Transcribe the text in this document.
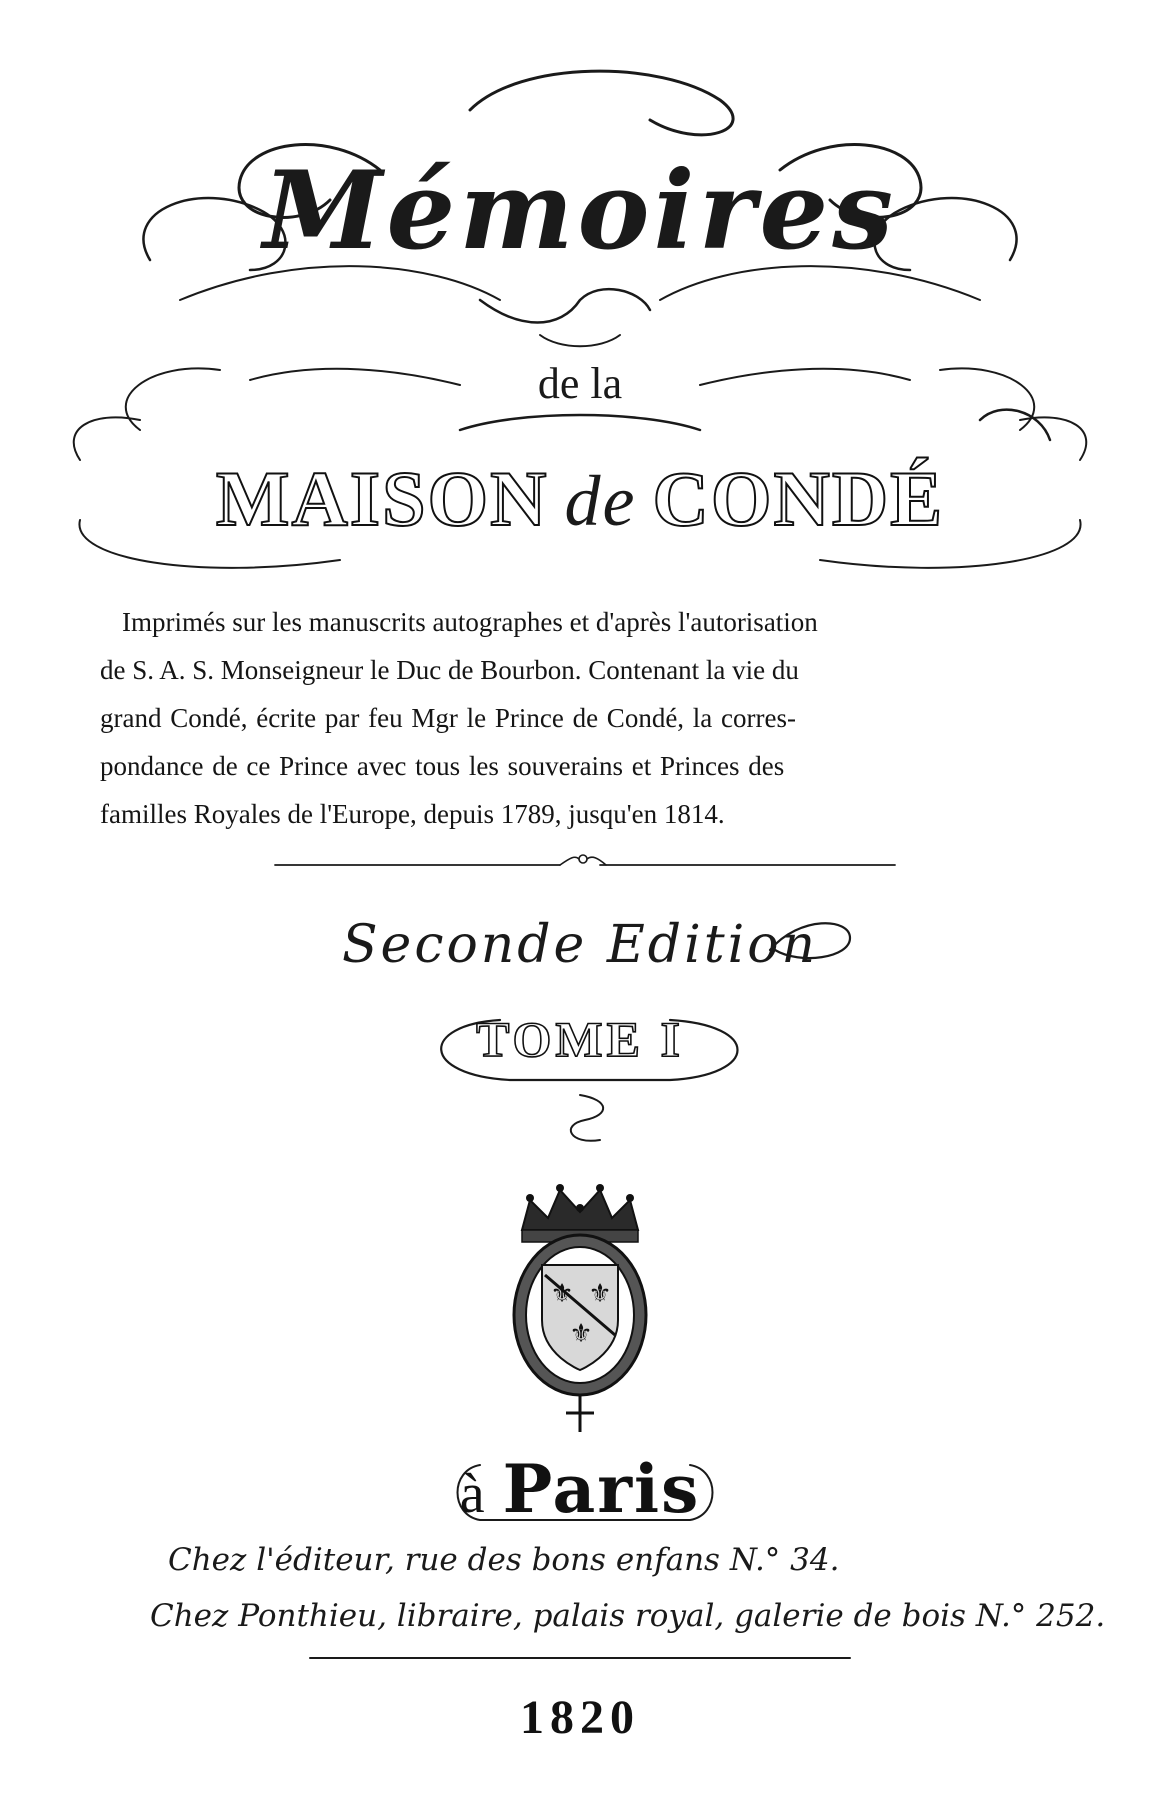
⚜ ⚜
⚜
Mémoires
de la
MAISON de CONDÉ
Imprimés sur les manuscrits autographes et d'après l'autorisation
de S. A. S. Monseigneur le Duc de Bourbon. Contenant la vie du
grand Condé, écrite par feu Mgr le Prince de Condé, la corres-
pondance de ce Prince avec tous les souverains et Princes des
familles Royales de l'Europe, depuis 1789, jusqu'en 1814.
Seconde Edition
TOME I
à Paris
Chez l'éditeur, rue des bons enfans N.° 34.
Chez Ponthieu, libraire, palais royal, galerie de bois N.° 252.
1820
